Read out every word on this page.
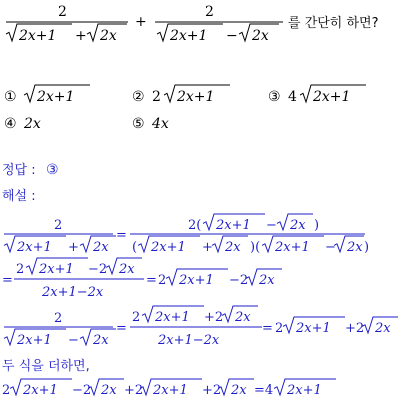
2
2x+1 + 2x
+
2
2x+1 − 2x
를 간단히 하면?
① 2x+1	② 2 2x+1	③ 4 2x+1
④ 2x	⑤ 4x
정답 : ③
해설 :
2
2x+1 + 2x
=
2( 2x+1 − 2x )
( 2x+1 + 2x )( 2x+1 − 2x )
=
2 2x+1 −2 2x
2x+1−2x
= 2 2x+1 −2 2x
2
2x+1 − 2x
=
2 2x+1 +2 2x
2x+1−2x
= 2 2x+1 +2 2x
두 식을 더하면,
2 2x+1 −2 2x +2 2x+1 +2 2x =4 2x+1
